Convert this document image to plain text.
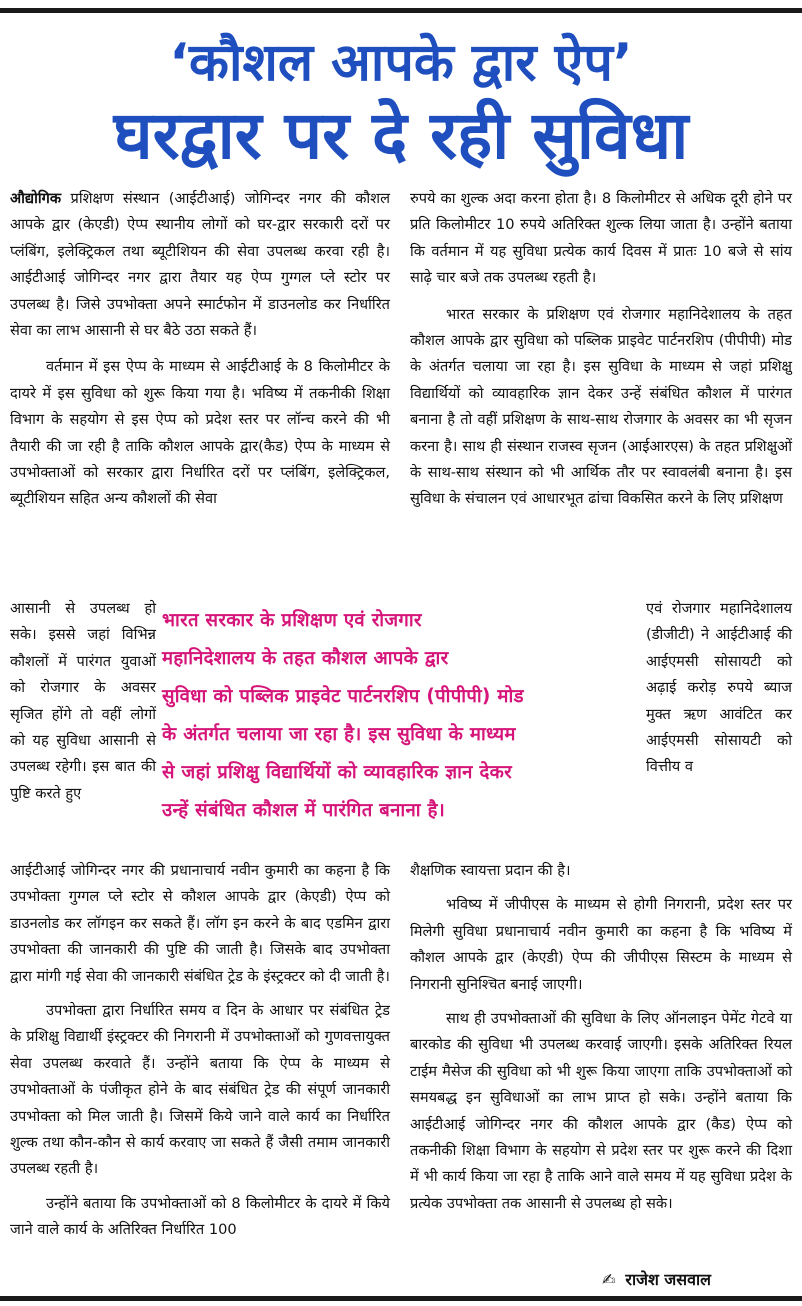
‘कौशल आपके द्वार ऐप’
घरद्वार पर दे रही सुविधा

औद्योगिक प्रशिक्षण संस्थान (आईटीआई) जोगिन्दर नगर की कौशल आपके द्वार (केएडी) ऐप्प स्थानीय लोगों को घर-द्वार सरकारी दरों पर प्लंबिंग, इलेक्ट्रिकल तथा ब्यूटीशियन की सेवा उपलब्ध करवा रही है। आईटीआई जोगिन्दर नगर द्वारा तैयार यह ऐप्प गुग्गल प्ले स्टोर पर उपलब्ध है। जिसे उपभोक्ता अपने स्मार्टफोन में डाउनलोड कर निर्धारित सेवा का लाभ आसानी से घर बैठे उठा सकते हैं।

वर्तमान में इस ऐप्प के माध्यम से आईटीआई के 8 किलोमीटर के दायरे में इस सुविधा को शुरू किया गया है। भविष्य में तकनीकी शिक्षा विभाग के सहयोग से इस ऐप्प को प्रदेश स्तर पर लॉन्च करने की भी तैयारी की जा रही है ताकि कौशल आपके द्वार(कैड) ऐप्प के माध्यम से उपभोक्ताओं को सरकार द्वारा निर्धारित दरों पर प्लंबिंग, इलेक्ट्रिकल, ब्यूटीशियन सहित अन्य कौशलों की सेवा

आसानी से उपलब्ध हो सके। इससे जहां विभिन्न कौशलों में पारंगत युवाओं को रोजगार के अवसर सृजित होंगे तो वहीं लोगों को यह सुविधा आसानी से उपलब्ध रहेगी। इस बात की पुष्टि करते हुए

आईटीआई जोगिन्दर नगर की प्रधानाचार्य नवीन कुमारी का कहना है कि उपभोक्ता गुग्गल प्ले स्टोर से कौशल आपके द्वार (केएडी) ऐप्प को डाउनलोड कर लॉगइन कर सकते हैं। लॉग इन करने के बाद एडमिन द्वारा उपभोक्ता की जानकारी की पुष्टि की जाती है। जिसके बाद उपभोक्ता द्वारा मांगी गई सेवा की जानकारी संबंधित ट्रेड के इंस्ट्रक्टर को दी जाती है।

उपभोक्ता द्वारा निर्धारित समय व दिन के आधार पर संबंधित ट्रेड के प्रशिक्षु विद्यार्थी इंस्ट्रक्टर की निगरानी में उपभोक्ताओं को गुणवत्तायुक्त सेवा उपलब्ध करवाते हैं। उन्होंने बताया कि ऐप्प के माध्यम से उपभोक्ताओं के पंजीकृत होने के बाद संबंधित ट्रेड की संपूर्ण जानकारी उपभोक्ता को मिल जाती है। जिसमें किये जाने वाले कार्य का निर्धारित शुल्क तथा कौन-कौन से कार्य करवाए जा सकते हैं जैसी तमाम जानकारी उपलब्ध रहती है।

उन्होंने बताया कि उपभोक्ताओं को 8 किलोमीटर के दायरे में किये जाने वाले कार्य के अतिरिक्त निर्धारित 100

रुपये का शुल्क अदा करना होता है। 8 किलोमीटर से अधिक दूरी होने पर प्रति किलोमीटर 10 रुपये अतिरिक्त शुल्क लिया जाता है। उन्होंने बताया कि वर्तमान में यह सुविधा प्रत्येक कार्य दिवस में प्रातः 10 बजे से सांय साढ़े चार बजे तक उपलब्ध रहती है।

भारत सरकार के प्रशिक्षण एवं रोजगार महानिदेशालय के तहत कौशल आपके द्वार सुविधा को पब्लिक प्राइवेट पार्टनरशिप (पीपीपी) मोड के अंतर्गत चलाया जा रहा है। इस सुविधा के माध्यम से जहां प्रशिक्षु विद्यार्थियों को व्यावहारिक ज्ञान देकर उन्हें संबंधित कौशल में पारंगत बनाना है तो वहीं प्रशिक्षण के साथ-साथ रोजगार के अवसर का भी सृजन करना है। साथ ही संस्थान राजस्व सृजन (आईआरएस) के तहत प्रशिक्षुओं के साथ-साथ संस्थान को भी आर्थिक तौर पर स्वावलंबी बनाना है। इस सुविधा के संचालन एवं आधारभूत ढांचा विकसित करने के लिए प्रशिक्षण

एवं रोजगार महानिदेशालय (डीजीटी) ने आईटीआई की आईएमसी सोसायटी को अढ़ाई करोड़ रुपये ब्याज मुक्त ऋण आवंटित कर आईएमसी सोसायटी को वित्तीय व

शैक्षणिक स्वायत्ता प्रदान की है।

भविष्य में जीपीएस के माध्यम से होगी निगरानी, प्रदेश स्तर पर मिलेगी सुविधा प्रधानाचार्य नवीन कुमारी का कहना है कि भविष्य में कौशल आपके द्वार (केएडी) ऐप्प की जीपीएस सिस्टम के माध्यम से निगरानी सुनिश्चित बनाई जाएगी।

साथ ही उपभोक्ताओं की सुविधा के लिए ऑनलाइन पेमेंट गेटवे या बारकोड की सुविधा भी उपलब्ध करवाई जाएगी। इसके अतिरिक्त रियल टाईम मैसेज की सुविधा को भी शुरू किया जाएगा ताकि उपभोक्ताओं को समयबद्ध इन सुविधाओं का लाभ प्राप्त हो सके। उन्होंने बताया कि आईटीआई जोगिन्दर नगर की कौशल आपके द्वार (कैड) ऐप्प को तकनीकी शिक्षा विभाग के सहयोग से प्रदेश स्तर पर शुरू करने की दिशा में भी कार्य किया जा रहा है ताकि आने वाले समय में यह सुविधा प्रदेश के प्रत्येक उपभोक्ता तक आसानी से उपलब्ध हो सके।

भारत सरकार के प्रशिक्षण एवं रोजगार
महानिदेशालय के तहत कौशल आपके द्वार
सुविधा को पब्लिक प्राइवेट पार्टनरशिप (पीपीपी) मोड
के अंतर्गत चलाया जा रहा है। इस सुविधा के माध्यम
से जहां प्रशिक्षु विद्यार्थियों को व्यावहारिक ज्ञान देकर
उन्हें संबंधित कौशल में पारंगित बनाना है।
✍ राजेश जसवाल
